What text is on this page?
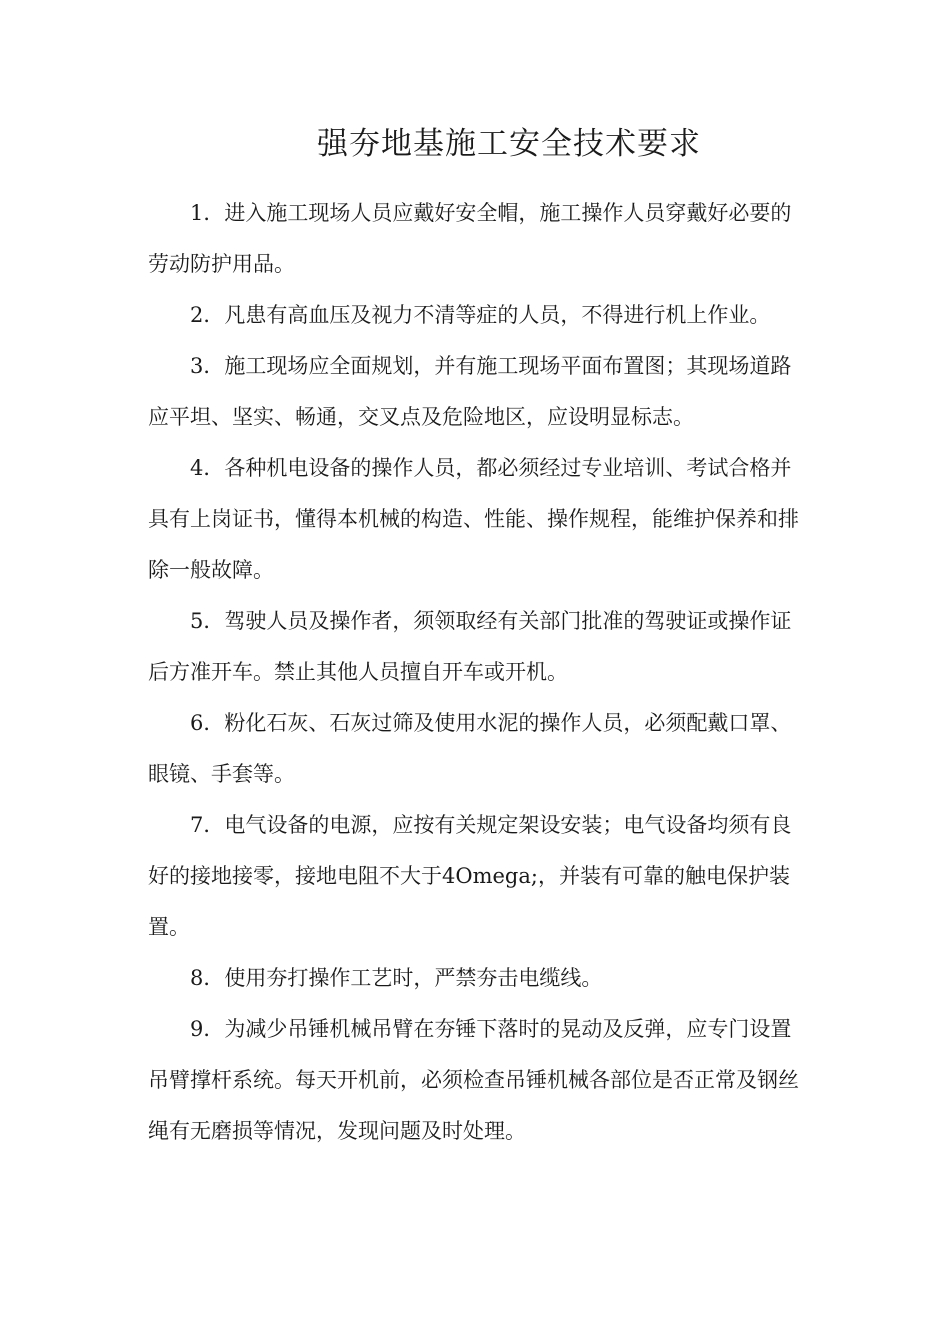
强夯地基施工安全技术要求

1．进入施工现场人员应戴好安全帽，施工操作人员穿戴好必要的劳动防护用品。

2．凡患有高血压及视力不清等症的人员，不得进行机上作业。

3．施工现场应全面规划，并有施工现场平面布置图；其现场道路应平坦、坚实、畅通，交叉点及危险地区，应设明显标志。

4．各种机电设备的操作人员，都必须经过专业培训、考试合格并具有上岗证书，懂得本机械的构造、性能、操作规程，能维护保养和排除一般故障。

5．驾驶人员及操作者，须领取经有关部门批准的驾驶证或操作证后方准开车。禁止其他人员擅自开车或开机。

6．粉化石灰、石灰过筛及使用水泥的操作人员，必须配戴口罩、眼镜、手套等。

7．电气设备的电源，应按有关规定架设安装；电气设备均须有良好的接地接零，接地电阻不大于4Omega;，并装有可靠的触电保护装置。

8．使用夯打操作工艺时，严禁夯击电缆线。

9．为减少吊锤机械吊臂在夯锤下落时的晃动及反弹，应专门设置吊臂撑杆系统。每天开机前，必须检查吊锤机械各部位是否正常及钢丝绳有无磨损等情况，发现问题及时处理。
